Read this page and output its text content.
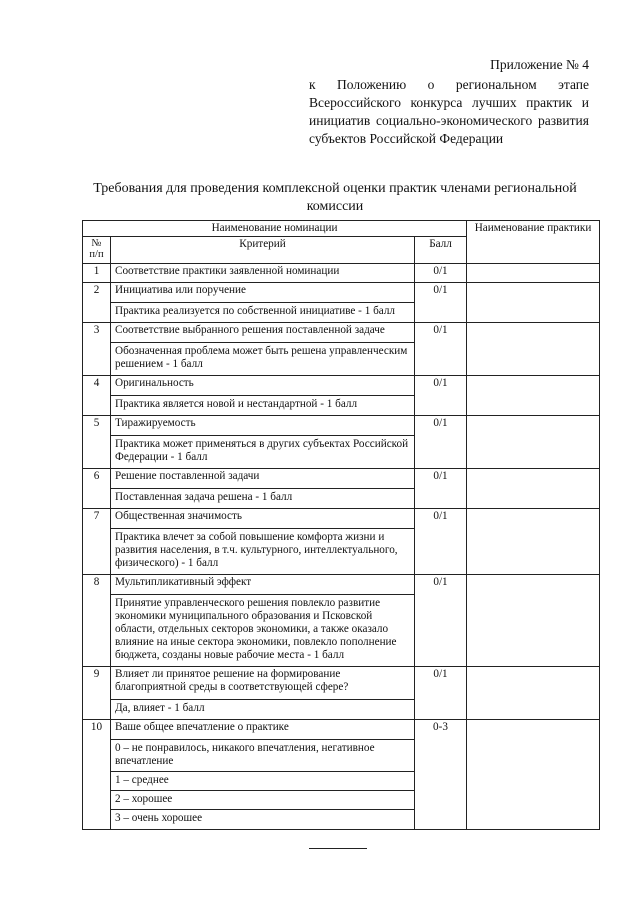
Приложение № 4
к Положению о региональном этапе Всероссийского конкурса лучших практик и инициатив социально-экономического развития субъектов Российской Федерации
Требования для проведения комплексной оценки практик членами региональной комиссии
Наименование номинации			Наименование практики
№ п/п	Критерий	Балл	
1	Соответствие практики заявленной номинации	0/1	
2	Инициатива или поручение
Практика реализуется по собственной инициативе - 1 балл	0/1	
3	Соответствие выбранного решения поставленной задаче
Обозначенная проблема может быть решена управленческим решением - 1 балл	0/1	
4	Оригинальность
Практика является новой и нестандартной - 1 балл	0/1	
5	Тиражируемость
Практика может применяться в других субъектах Российской Федерации - 1 балл	0/1	
6	Решение поставленной задачи
Поставленная задача решена - 1 балл	0/1	
7	Общественная значимость
Практика влечет за собой повышение комфорта жизни и развития населения, в т.ч. культурного, интеллектуального, физического) - 1 балл	0/1	
8	Мультипликативный эффект
Принятие управленческого решения повлекло развитие экономики муниципального образования и Псковской области, отдельных секторов экономики, а также оказало влияние на иные сектора экономики, повлекло пополнение бюджета, созданы новые рабочие места - 1 балл	0/1	
9	Влияет ли принятое решение на формирование благоприятной среды в соответствующей сфере?
Да, влияет - 1 балл	0/1	
10	Ваше общее впечатление о практике
0 – не понравилось, никакого впечатления, негативное впечатление
1 – среднее
2 – хорошее
3 – очень хорошее	0-3	
